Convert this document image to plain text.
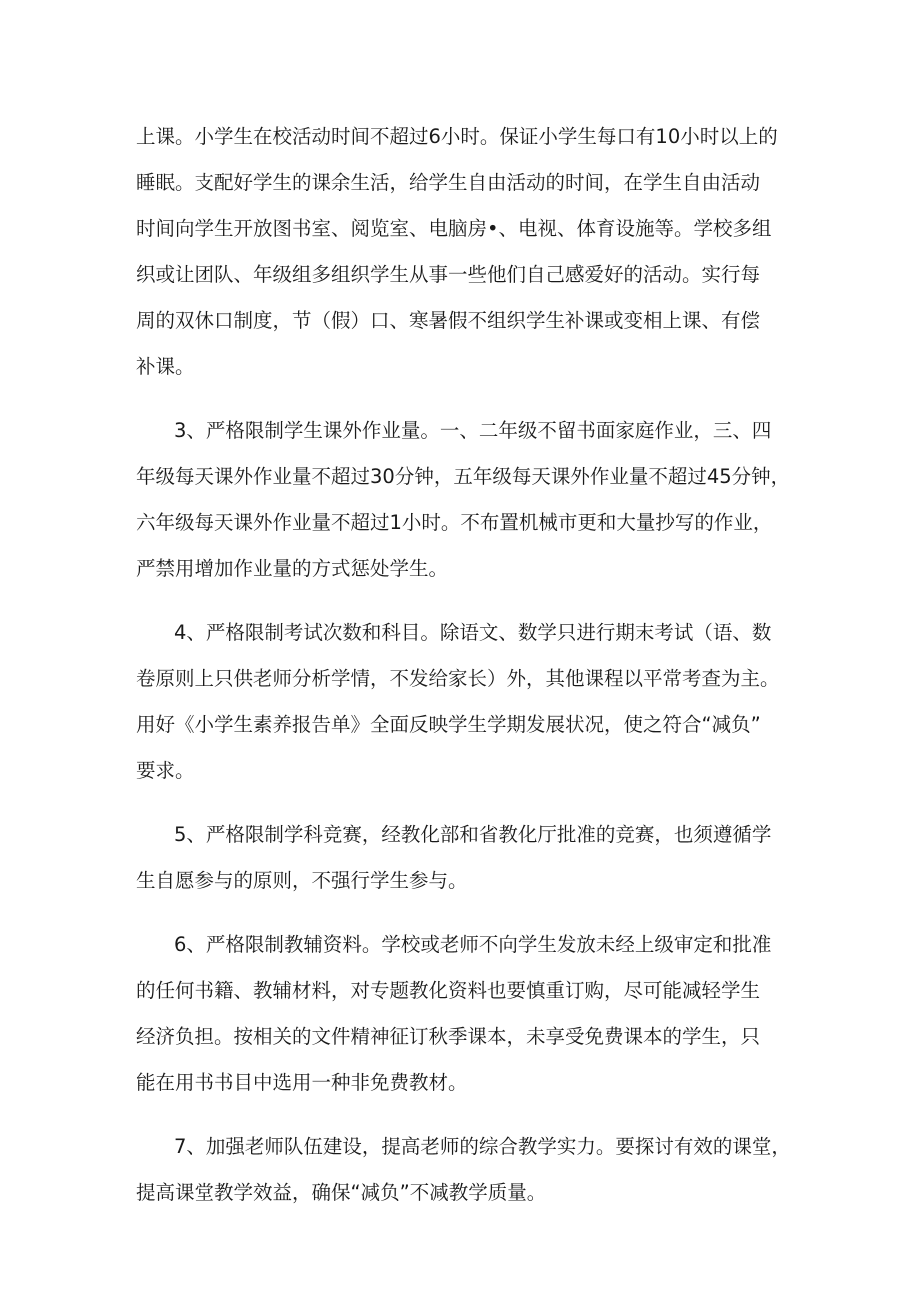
上课。小学生在校活动时间不超过6小时。保证小学生每口有10小时以上的
睡眠。支配好学生的课余生活，给学生自由活动的时间，在学生自由活动
时间向学生开放图书室、阅览室、电脑房•、电视、体育设施等。学校多组
织或让团队、年级组多组织学生从事一些他们自己感爱好的活动。实行每
周的双休口制度，节（假）口、寒暑假不组织学生补课或变相上课、有偿
补课。

3、严格限制学生课外作业量。一、二年级不留书面家庭作业，三、四
年级每天课外作业量不超过30分钟，五年级每天课外作业量不超过45分钟，
六年级每天课外作业量不超过1小时。不布置机械市更和大量抄写的作业，
严禁用增加作业量的方式惩处学生。

4、严格限制考试次数和科目。除语文、数学只进行期末考试（语、数
卷原则上只供老师分析学情，不发给家长）外，其他课程以平常考查为主。
用好《小学生素养报告单》全面反映学生学期发展状况，使之符合“减负”
要求。

5、严格限制学科竞赛，经教化部和省教化厅批准的竞赛，也须遵循学
生自愿参与的原则，不强行学生参与。

6、严格限制教辅资料。学校或老师不向学生发放未经上级审定和批准
的任何书籍、教辅材料，对专题教化资料也要慎重订购，尽可能减轻学生
经济负担。按相关的文件精神征订秋季课本，未享受免费课本的学生，只
能在用书书目中选用一种非免费教材。

7、加强老师队伍建设，提高老师的综合教学实力。要探讨有效的课堂，
提高课堂教学效益，确保“减负”不减教学质量。
